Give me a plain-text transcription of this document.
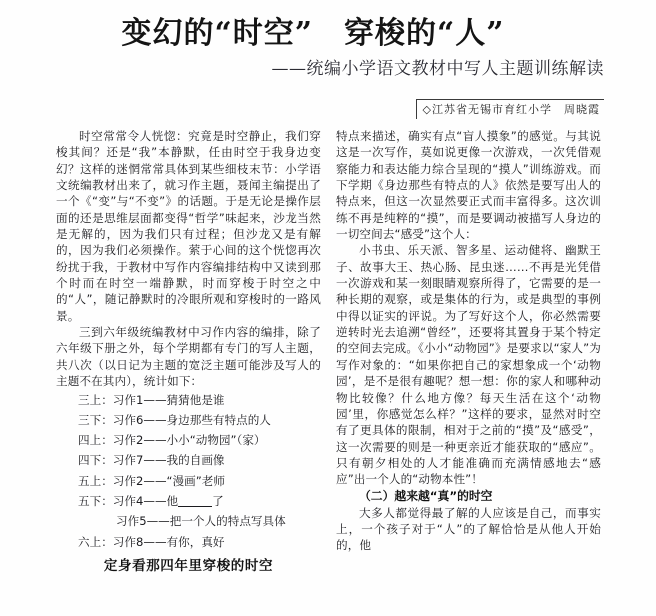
变幻的“时空”　穿梭的“人”
——统编小学语文教材中写人主题训练解读
◇江苏省无锡市育红小学　周晓霞

时空常常令人恍惚：究竟是时空静止，我们穿梭其间？还是“我”本静默，任由时空于我身边变幻？这样的迷惘常常具体到某些细枝末节：小学语文统编教材出来了，就习作主题，聂闻主编提出了一个《“变”与“不变”》的话题。于是无论是操作层面的还是思维层面都变得“哲学”味起来，沙龙当然是无解的，因为我们只有过程；但沙龙又是有解的，因为我们必须操作。萦于心间的这个恍惚再次纷扰于我，于教材中写作内容编排结构中又读到那个时而在时空一端静默，时而穿梭于时空之中的“人”，随记静默时的冷眼所观和穿梭时的一路风景。

三到六年级统编教材中习作内容的编排，除了六年级下册之外，每个学期都有专门的写人主题，共八次（以日记为主题的宽泛主题可能涉及写人的主题不在其内），统计如下：

三上：习作1——猜猜他是谁
三下：习作6——身边那些有特点的人
四上：习作2——小小“动物园”（家）
四下：习作7——我的自画像
五上：习作2——“漫画”老师
五下：习作4——他	了
习作5——把一个人的特点写具体
六上：习作8——有你，真好
定身看那四年里穿梭的时空

特点来描述，确实有点“盲人摸象”的感觉。与其说这是一次写作，莫如说更像一次游戏，一次凭借观察能力和表达能力综合呈现的“摸人”训练游戏。而下学期《身边那些有特点的人》依然是要写出人的特点来，但这一次显然要正式而丰富得多。这次训练不再是纯粹的“摸”，而是要调动被描写人身边的一切空间去“感受”这个人：

小书虫、乐天派、智多星、运动健将、幽默王子、故事大王、热心肠、昆虫迷……不再是光凭借一次游戏和某一刻眼睛观察所得了，它需要的是一种长期的观察，或是集体的行为，或是典型的事例中得以证实的评说。为了写好这个人，你必然需要逆转时光去追溯“曾经”，还要将其置身于某个特定的空间去完成。《小小“动物园”》是要求以“家人”为写作对象的：“如果你把自己的家想象成一个‘动物园’，是不是很有趣呢？想一想：你的家人和哪种动物比较像？什么地方像？每天生活在这个‘动物园’里，你感觉怎么样？”这样的要求，显然对时空有了更具体的限制，相对于之前的“摸”及“感受”，这一次需要的则是一种更亲近才能获取的“感应”。只有朝夕相处的人才能准确而充满情感地去“感应”出一个人的“动物本性”！

（二）越来越“真”的时空

大多人都觉得最了解的人应该是自己，而事实上，一个孩子对于“人”的了解恰恰是从他人开始的，他
